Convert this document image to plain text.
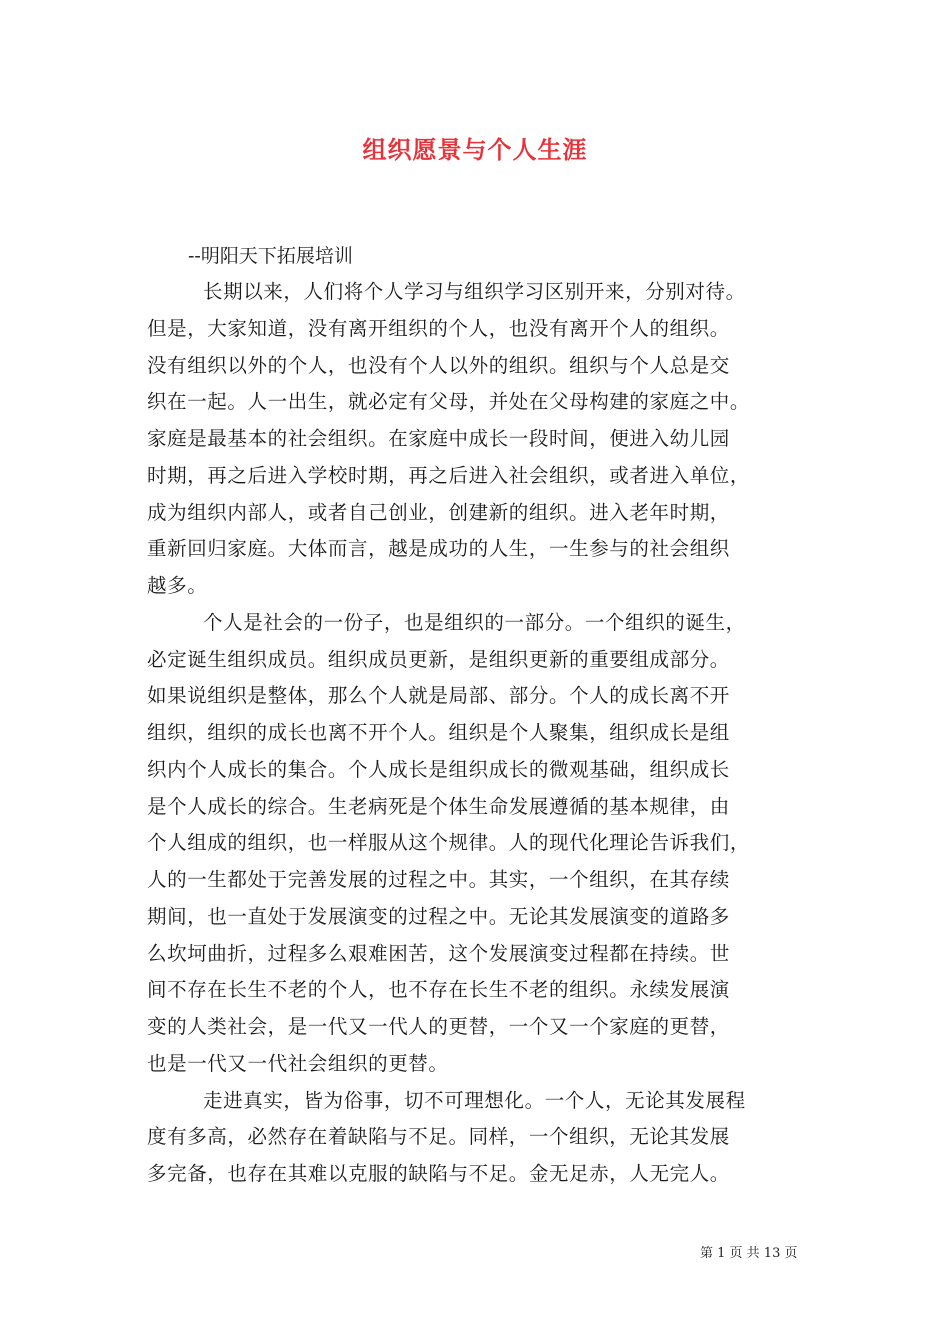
组织愿景与个人生涯
--明阳天下拓展培训
长期以来，人们将个人学习与组织学习区别开来，分别对待。
但是，大家知道，没有离开组织的个人，也没有离开个人的组织。
没有组织以外的个人，也没有个人以外的组织。组织与个人总是交
织在一起。人一出生，就必定有父母，并处在父母构建的家庭之中。
家庭是最基本的社会组织。在家庭中成长一段时间，便进入幼儿园
时期，再之后进入学校时期，再之后进入社会组织，或者进入单位，
成为组织内部人，或者自己创业，创建新的组织。进入老年时期，
重新回归家庭。大体而言，越是成功的人生，一生参与的社会组织
越多。
个人是社会的一份子，也是组织的一部分。一个组织的诞生，
必定诞生组织成员。组织成员更新，是组织更新的重要组成部分。
如果说组织是整体，那么个人就是局部、部分。个人的成长离不开
组织，组织的成长也离不开个人。组织是个人聚集，组织成长是组
织内个人成长的集合。个人成长是组织成长的微观基础，组织成长
是个人成长的综合。生老病死是个体生命发展遵循的基本规律，由
个人组成的组织，也一样服从这个规律。人的现代化理论告诉我们，
人的一生都处于完善发展的过程之中。其实，一个组织，在其存续
期间，也一直处于发展演变的过程之中。无论其发展演变的道路多
么坎坷曲折，过程多么艰难困苦，这个发展演变过程都在持续。世
间不存在长生不老的个人，也不存在长生不老的组织。永续发展演
变的人类社会，是一代又一代人的更替，一个又一个家庭的更替，
也是一代又一代社会组织的更替。
走进真实，皆为俗事，切不可理想化。一个人，无论其发展程
度有多高，必然存在着缺陷与不足。同样，一个组织，无论其发展
多完备，也存在其难以克服的缺陷与不足。金无足赤，人无完人。
第 1 页 共 13 页
